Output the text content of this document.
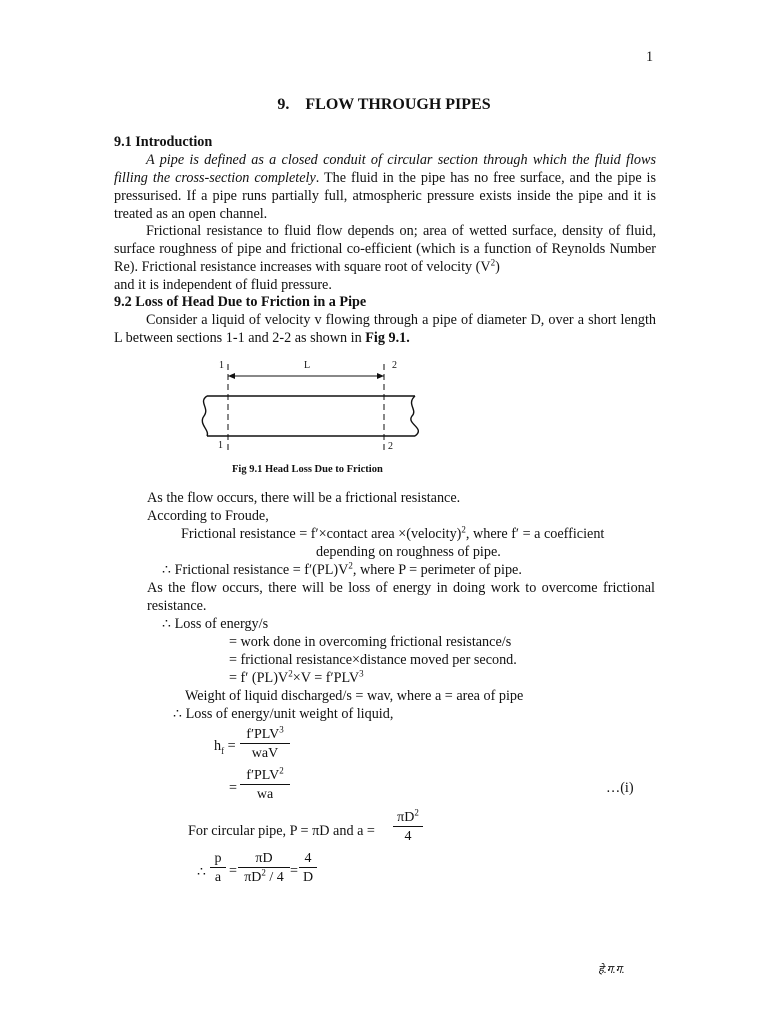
1
9.    FLOW THROUGH PIPES
9.1 Introduction
A pipe is defined as a closed conduit of circular section through which the fluid flows filling the cross-section completely. The fluid in the pipe has no free surface, and the pipe is pressurised. If a pipe runs partially full, atmospheric pressure exists inside the pipe and it is treated as an open channel.
Frictional resistance to fluid flow depends on; area of wetted surface, density of fluid, surface roughness of pipe and frictional co-efficient (which is a function of Reynolds Number Re). Frictional resistance increases with square root of velocity $(V^2)$
and it is independent of fluid pressure.
9.2 Loss of Head Due to Friction in a Pipe
Consider a liquid of velocity v flowing through a pipe of diameter D, over a short length L between sections 1-1 and 2-2 as shown in Fig 9.1.
1	L	2
1	2
Fig 9.1 Head Loss Due to Friction
As the flow occurs, there will be a frictional resistance.
According to Froude,
Frictional resistance = f′×contact area ×(velocity)$^2$, where f′ = a coefficient
depending on roughness of pipe.
∴ Frictional resistance = $f'(PL)V^2$, where P = perimeter of pipe.
As the flow occurs, there will be loss of energy in doing work to overcome frictional resistance.
∴ Loss of energy/s
= work done in overcoming frictional resistance/s
= frictional resistance×distance moved per second.
= f′ $(PL)V^2\times V = f'PLV^3$
Weight of liquid discharged/s = wav, where a = area of pipe
∴ Loss of energy/unit weight of liquid,
$h_f$ =
$f'PLV^3$
waV
=
$f'PLV^2$
wa	…(i)
For circular pipe, P = πD and $a = \frac{\pi D^2}{4}$
∴ $\frac{p}{a} = \frac{\pi D}{\pi D^2 / 4} = \frac{4}{D}$
हे.ग.ग.
